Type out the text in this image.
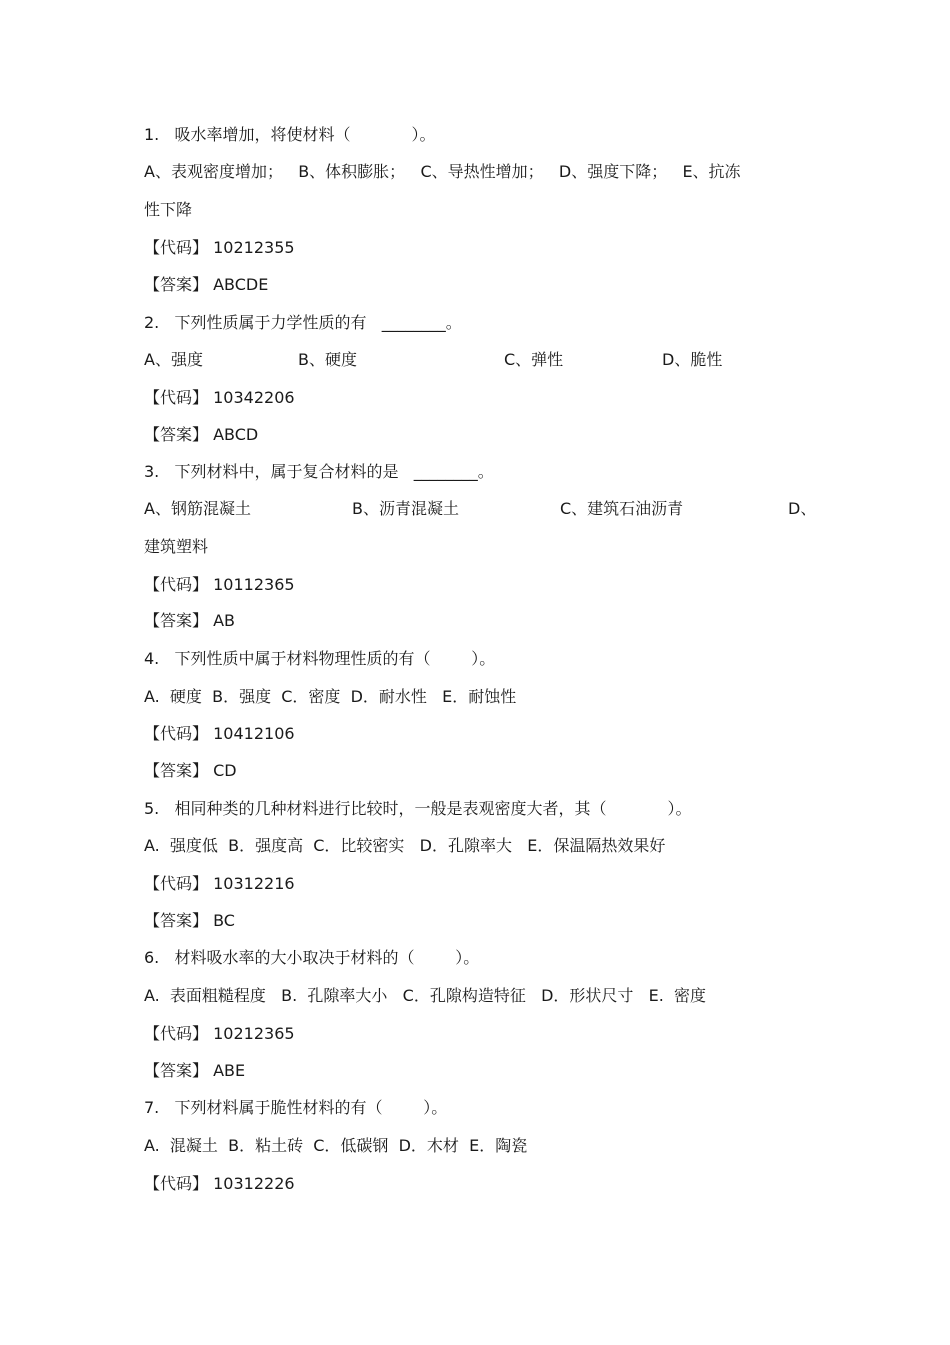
1.   吸水率增加，将使材料（            ）。

A、表观密度增加；   B、体积膨胀；   C、导热性增加；   D、强度下降；   E、抗冻

性下降

【代码】 10212355

【答案】 ABCDE

2.   下列性质属于力学性质的有   ________。

A、强度

	B、硬度

	C、弹性

	D、脆性

【代码】 10342206

【答案】 ABCD

3.   下列材料中，属于复合材料的是   ________。

A、钢筋混凝土

	B、沥青混凝土

	C、建筑石油沥青

	D、

建筑塑料

【代码】 10112365

【答案】 AB

4.   下列性质中属于材料物理性质的有（        ）。

A.  硬度  B．强度  C．密度  D．耐水性   E．耐蚀性

【代码】 10412106

【答案】 CD

5.   相同种类的几种材料进行比较时，一般是表观密度大者，其（            ）。

A.  强度低  B．强度高  C．比较密实   D．孔隙率大   E．保温隔热效果好

【代码】 10312216

【答案】 BC

6.   材料吸水率的大小取决于材料的（        ）。

A.  表面粗糙程度   B.  孔隙率大小   C．孔隙构造特征   D．形状尺寸   E.  密度

【代码】 10212365

【答案】 ABE

7.   下列材料属于脆性材料的有（        ）。

A.  混凝土  B．粘土砖  C．低碳钢  D．木材  E．陶瓷

【代码】 10312226
